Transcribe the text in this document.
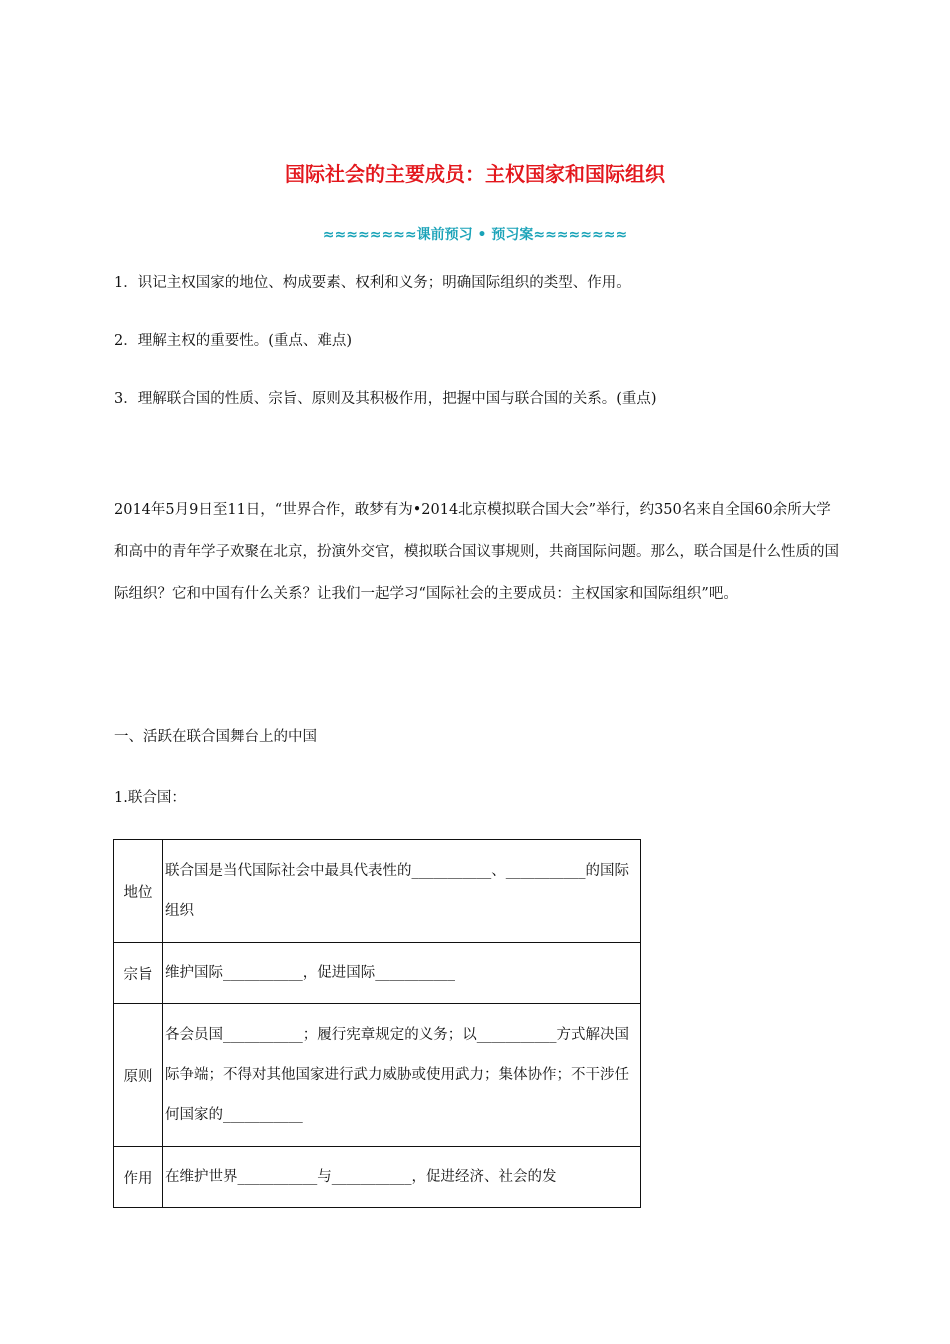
国际社会的主要成员：主权国家和国际组织
≈≈≈≈≈≈≈≈课前预习 • 预习案≈≈≈≈≈≈≈≈
1．识记主权国家的地位、构成要素、权利和义务；明确国际组织的类型、作用。
2．理解主权的重要性。(重点、难点)
3．理解联合国的性质、宗旨、原则及其积极作用，把握中国与联合国的关系。(重点)
2014年5月9日至11日，“世界合作，敢梦有为•2014北京模拟联合国大会”举行，约350名来自全国60余所大学和高中的青年学子欢聚在北京，扮演外交官，模拟联合国议事规则，共商国际问题。那么，联合国是什么性质的国际组织？它和中国有什么关系？让我们一起学习“国际社会的主要成员：主权国家和国际组织”吧。
一、活跃在联合国舞台上的中国
1.联合国：
地位	联合国是当代国际社会中最具代表性的___________、___________的国际组织
宗旨	维护国际___________，促进国际___________
原则	各会员国___________；履行宪章规定的义务；以___________方式解决国际争端；不得对其他国家进行武力威胁或使用武力；集体协作；不干涉任何国家的___________
作用	在维护世界___________与___________，促进经济、社会的发
